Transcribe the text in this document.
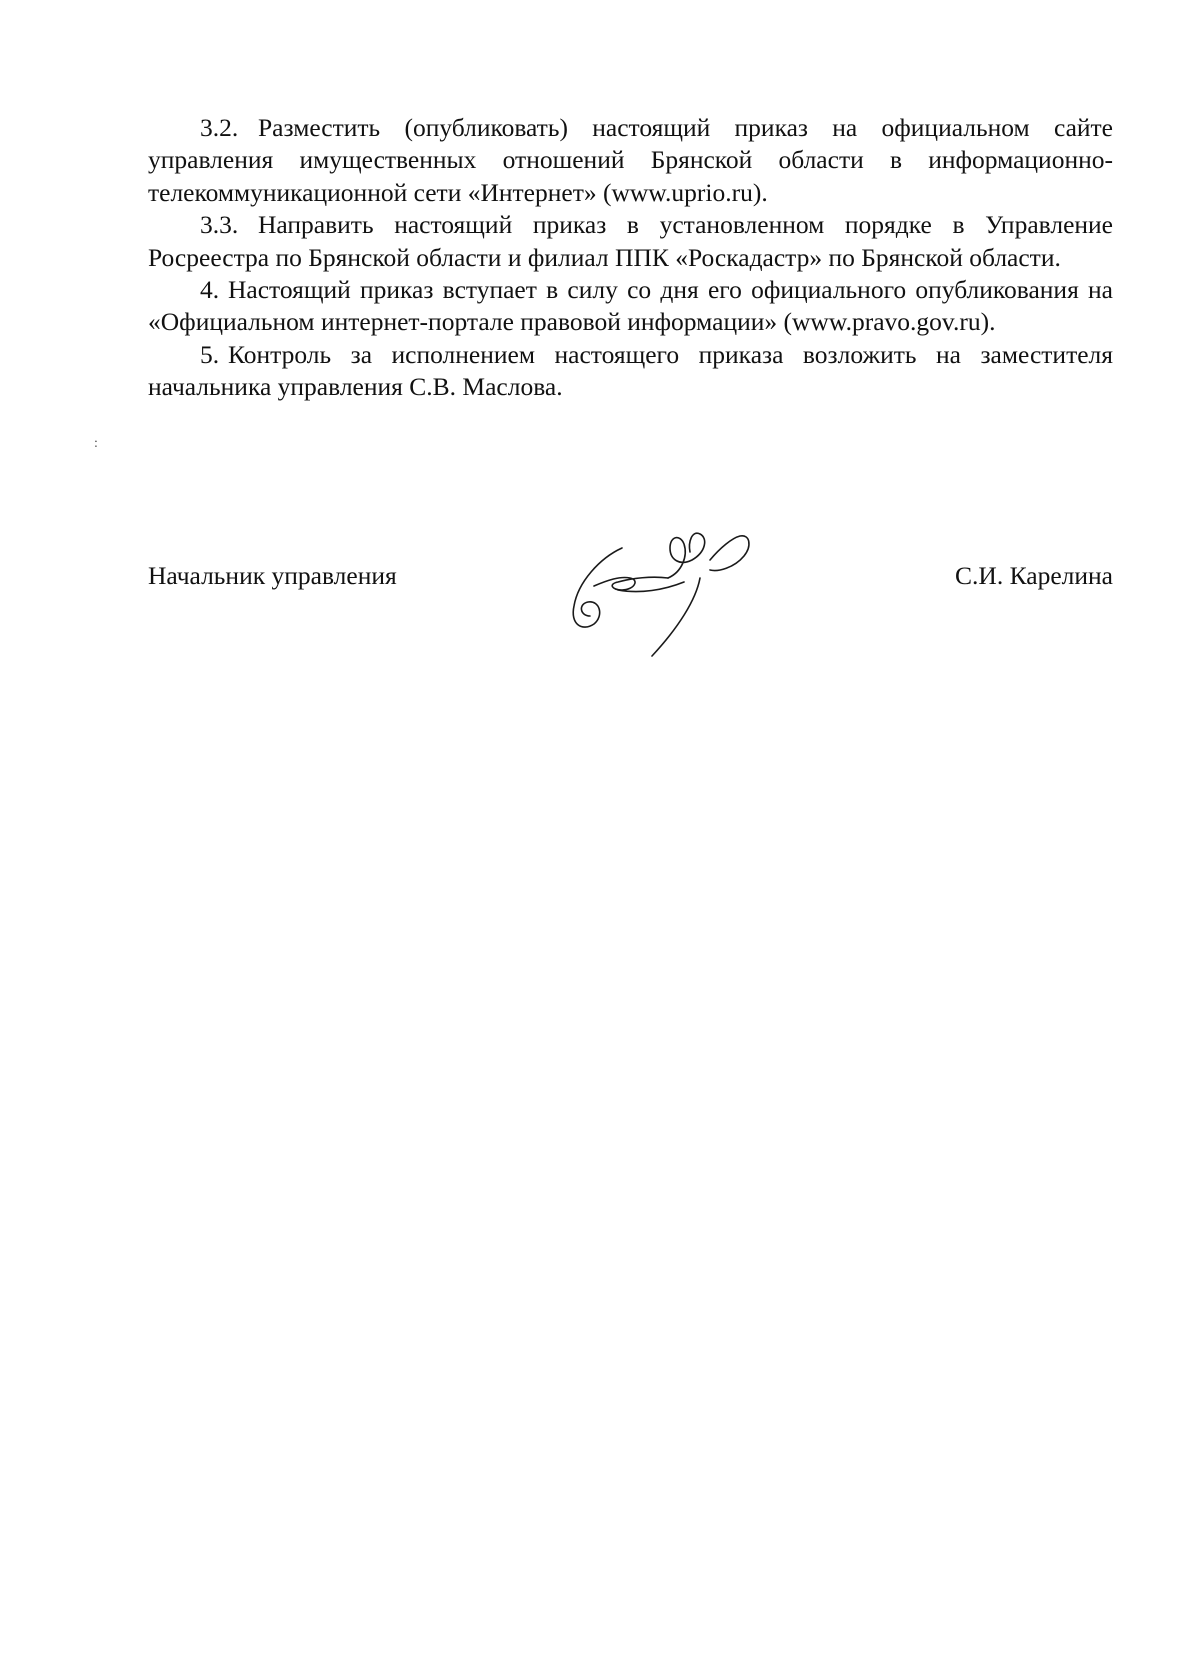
3.2. Разместить (опубликовать) настоящий приказ на официальном сайте управления имущественных отношений Брянской области в информационно-телекоммуникационной сети «Интернет» (www.uprio.ru).

3.3. Направить настоящий приказ в установленном порядке в Управление Росреестра по Брянской области и филиал ППК «Роскадастр» по Брянской области.

4. Настоящий приказ вступает в силу со дня его официального опубликования на «Официальном интернет-портале правовой информации» (www.pravo.gov.ru).

5. Контроль за исполнением настоящего приказа возложить на заместителя начальника управления С.В. Маслова.

:
Начальник управления	С.И. Карелина
